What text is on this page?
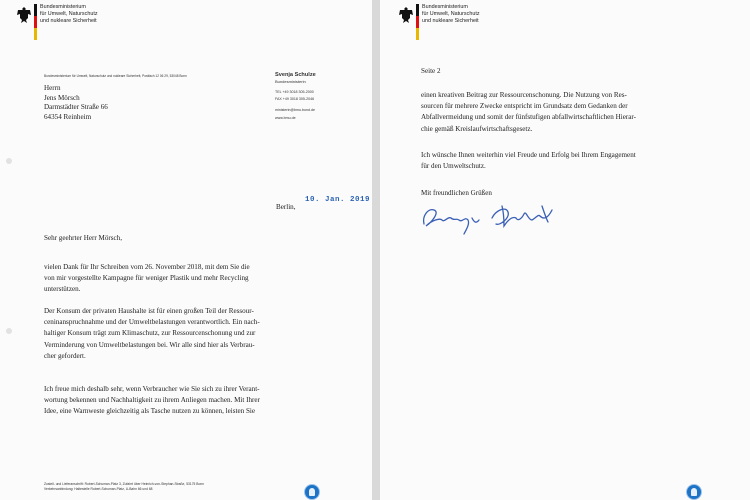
Bundesministerium
für Umwelt, Naturschutz
und nukleare Sicherheit
Bundesministerium für Umwelt, Naturschutz und nukleare Sicherheit, Postfach 12 06 29, 53048 Bonn
Herrn
Jens Mörsch
Darmstädter Straße 66
64354 Reinheim
Svenja Schulze
Bundesministerin
TEL +49 3018 305-2000
FAX +49 3018 305-2046
ministerin@bmu.bund.de
www.bmu.de
Berlin,
10. Jan. 2019
Sehr geehrter Herr Mörsch,
vielen Dank für Ihr Schreiben vom 26. November 2018, mit dem Sie die
von mir vorgestellte Kampagne für weniger Plastik und mehr Recycling
unterstützen.
Der Konsum der privaten Haushalte ist für einen großen Teil der Ressour-
ceninanspruchnahme und der Umweltbelastungen verantwortlich. Ein nach-
haltiger Konsum trägt zum Klimaschutz, zur Ressourcenschonung und zur
Verminderung von Umweltbelastungen bei. Wir alle sind hier als Verbrau-
cher gefordert.
Ich freue mich deshalb sehr, wenn Verbraucher wie Sie sich zu ihrer Verant-
wortung bekennen und Nachhaltigkeit zu ihrem Anliegen machen. Mit Ihrer
Idee, eine Warnweste gleichzeitig als Tasche nutzen zu können, leisten Sie
Zustell- und Lieferanschrift: Robert-Schuman-Platz 3, Zufahrt über Heinrich-von-Stephan-Straße, 53175 Bonn
Verkehrsanbindung: Haltestelle Robert-Schuman-Platz, U-Bahn 66 und 68
Bundesministerium
für Umwelt, Naturschutz
und nukleare Sicherheit
Seite 2
einen kreativen Beitrag zur Ressourcenschonung. Die Nutzung von Res-
sourcen für mehrere Zwecke entspricht im Grundsatz dem Gedanken der
Abfallvermeidung und somit der fünfstufigen abfallwirtschaftlichen Hierar-
chie gemäß Kreislaufwirtschaftsgesetz.
Ich wünsche Ihnen weiterhin viel Freude und Erfolg bei Ihrem Engagement
für den Umweltschutz.
Mit freundlichen Grüßen
